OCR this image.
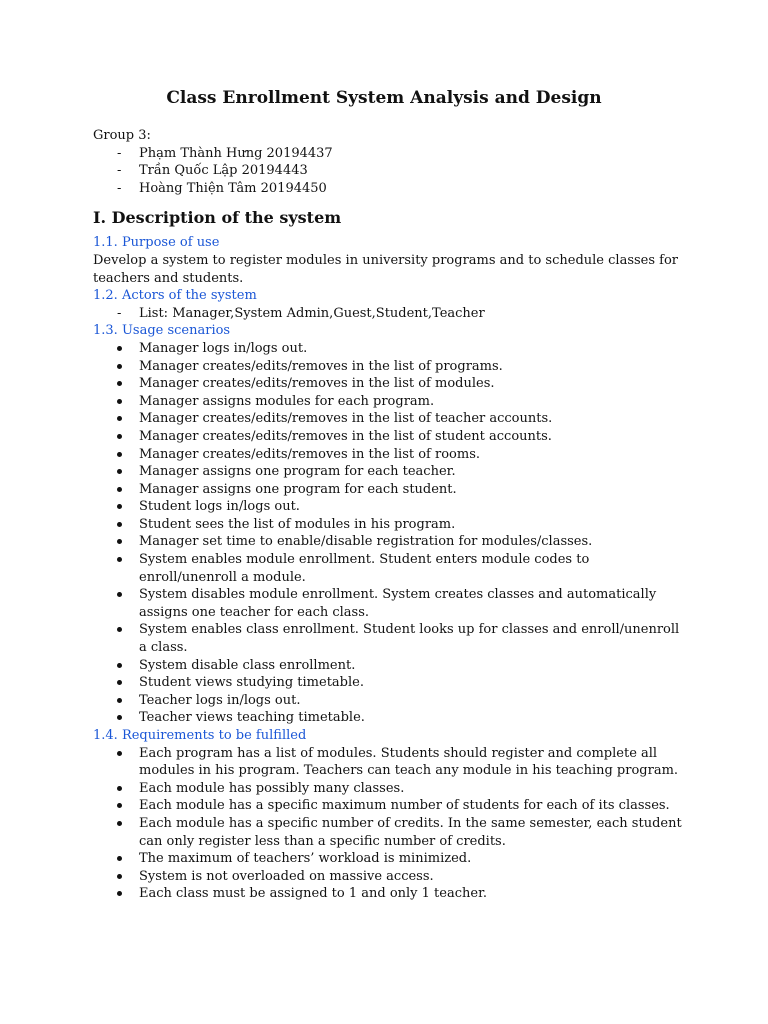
Class Enrollment System Analysis and Design

Group 3:

- Phạm Thành Hưng 20194437
- Trần Quốc Lập 20194443
- Hoàng Thiện Tâm 20194450

I. Description of the system

1.1. Purpose of use

Develop a system to register modules in university programs and to schedule classes for teachers and students.

1.2. Actors of the system

- List: Manager,System Admin,Guest,Student,Teacher

1.3. Usage scenarios

Manager logs in/logs out.
Manager creates/edits/removes in the list of programs.
Manager creates/edits/removes in the list of modules.
Manager assigns modules for each program.
Manager creates/edits/removes in the list of teacher accounts.
Manager creates/edits/removes in the list of student accounts.
Manager creates/edits/removes in the list of rooms.
Manager assigns one program for each teacher.
Manager assigns one program for each student.
Student logs in/logs out.
Student sees the list of modules in his program.
Manager set time to enable/disable registration for modules/classes.
System enables module enrollment. Student enters module codes to enroll/unenroll a module.
System disables module enrollment. System creates classes and automatically assigns one teacher for each class.
System enables class enrollment. Student looks up for classes and enroll/unenroll a class.
System disable class enrollment.
Student views studying timetable.
Teacher logs in/logs out.
Teacher views teaching timetable.

1.4. Requirements to be fulfilled

Each program has a list of modules. Students should register and complete all modules in his program. Teachers can teach any module in his teaching program.
Each module has possibly many classes.
Each module has a specific maximum number of students for each of its classes.
Each module has a specific number of credits. In the same semester, each student can only register less than a specific number of credits.
The maximum of teachers’ workload is minimized.
System is not overloaded on massive access.
Each class must be assigned to 1 and only 1 teacher.
